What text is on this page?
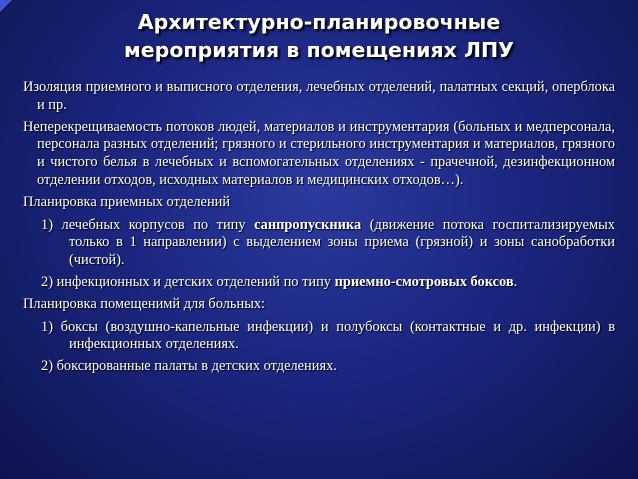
Архитектурно-планировочные
мероприятия в помещениях ЛПУ
Изоляция приемного и выписного отделения, лечебных отделений, палатных секций, оперблока и пр.
Неперекрещиваемость потоков людей, материалов и инструментария (больных и медперсонала, персонала разных отделений; грязного и стерильного инструментария и материалов, грязного и чистого белья в лечебных и вспомогательных отделениях - прачечной, дезинфекционном отделении отходов, исходных материалов и медицинских отходов…).
Планировка приемных отделений
1) лечебных корпусов по типу санпропускника (движение потока госпитализируемых только в 1 направлении) с выделением зоны приема (грязной) и зоны санобработки (чистой).
2) инфекционных и детских отделений по типу приемно-смотровых боксов.
Планировка помещенимй для больных:
1) боксы (воздушно-капельные инфекции) и полубоксы (контактные и др. инфекции) в инфекционных отделениях.
2) боксированные палаты в детских отделениях.
